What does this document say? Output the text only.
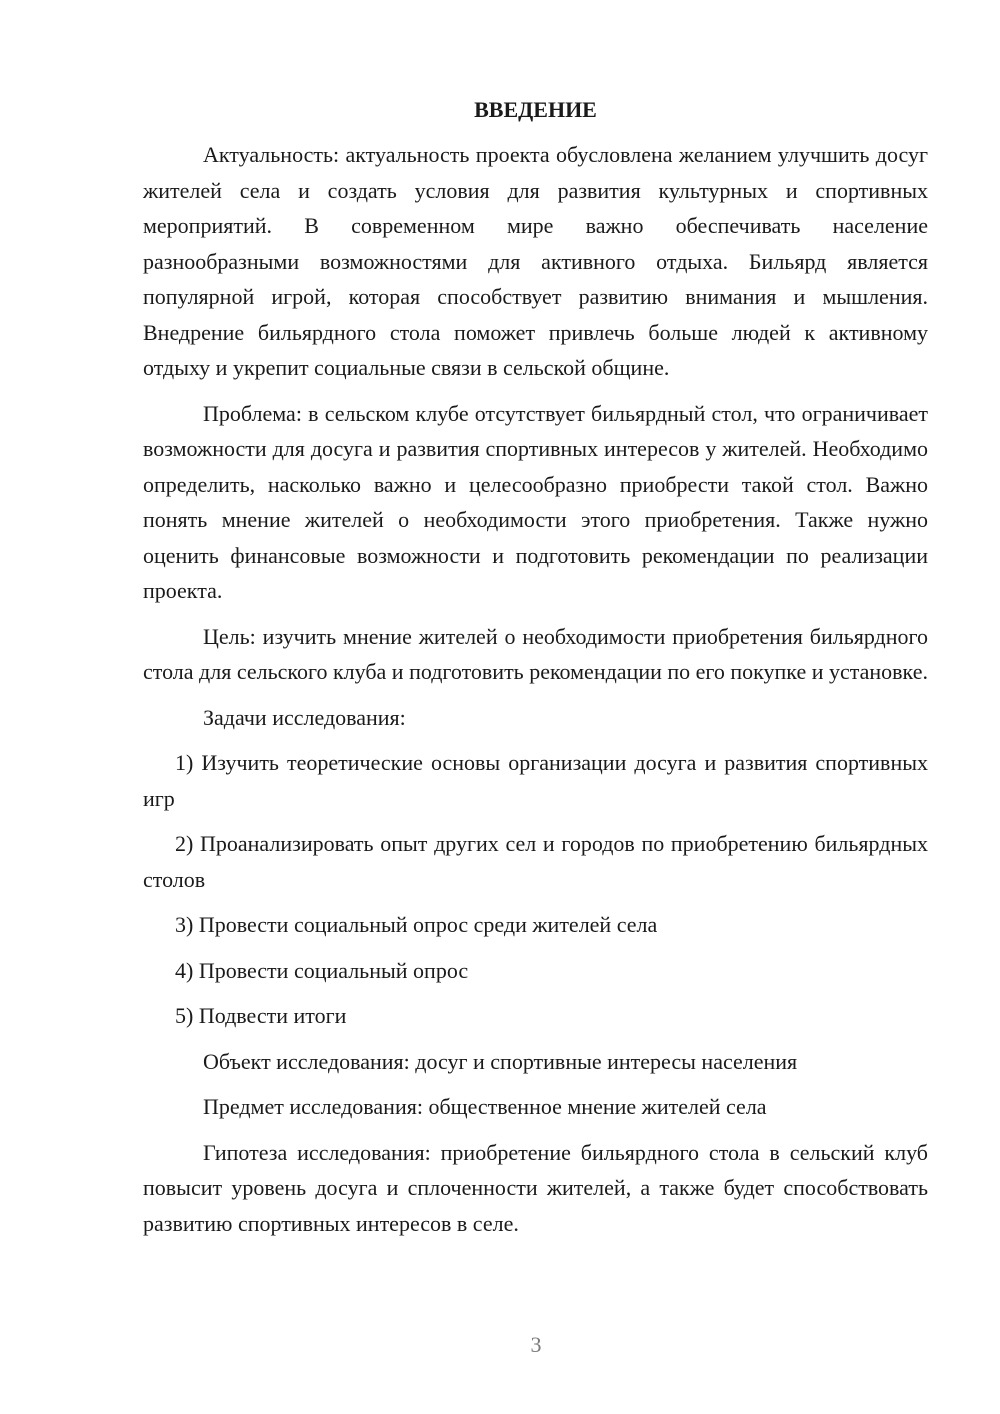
ВВЕДЕНИЕ

Актуальность: актуальность проекта обусловлена желанием улучшить досуг жителей села и создать условия для развития культурных и спортивных мероприятий. В современном мире важно обеспечивать население разнообразными возможностями для активного отдыха. Бильярд является популярной игрой, которая способствует развитию внимания и мышления. Внедрение бильярдного стола поможет привлечь больше людей к активному отдыху и укрепит социальные связи в сельской общине.

Проблема: в сельском клубе отсутствует бильярдный стол, что ограничивает возможности для досуга и развития спортивных интересов у жителей. Необходимо определить, насколько важно и целесообразно приобрести такой стол. Важно понять мнение жителей о необходимости этого приобретения. Также нужно оценить финансовые возможности и подготовить рекомендации по реализации проекта.

Цель: изучить мнение жителей о необходимости приобретения бильярдного стола для сельского клуба и подготовить рекомендации по его покупке и установке.

Задачи исследования:

1) Изучить теоретические основы организации досуга и развития спортивных игр

2) Проанализировать опыт других сел и городов по приобретению бильярдных столов

3) Провести социальный опрос среди жителей села

4) Провести социальный опрос

5) Подвести итоги

Объект исследования: досуг и спортивные интересы населения

Предмет исследования: общественное мнение жителей села

Гипотеза исследования: приобретение бильярдного стола в сельский клуб повысит уровень досуга и сплоченности жителей, а также будет способствовать развитию спортивных интересов в селе.

3
